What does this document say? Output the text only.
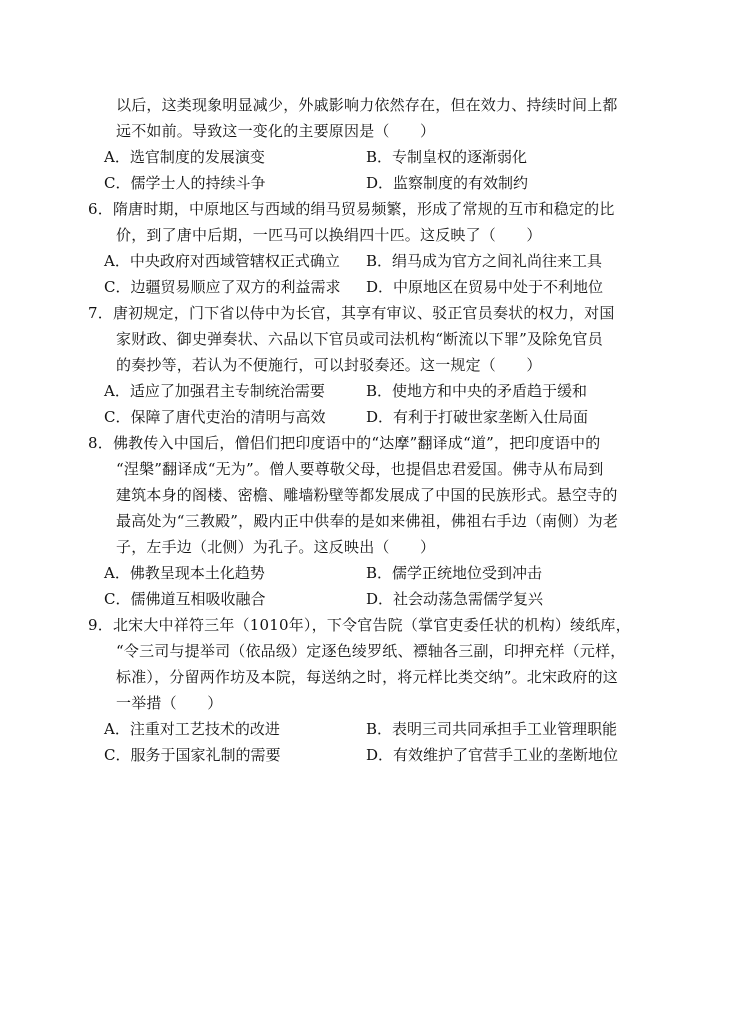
以后，这类现象明显减少，外戚影响力依然存在，但在效力、持续时间上都
远不如前。导致这一变化的主要原因是（　　）
A．选官制度的发展演变	B．专制皇权的逐渐弱化
C．儒学士人的持续斗争	D．监察制度的有效制约
6．隋唐时期，中原地区与西域的绢马贸易频繁，形成了常规的互市和稳定的比
价，到了唐中后期，一匹马可以换绢四十匹。这反映了（　　）
A．中央政府对西域管辖权正式确立	B．绢马成为官方之间礼尚往来工具
C．边疆贸易顺应了双方的利益需求	D．中原地区在贸易中处于不利地位
7．唐初规定，门下省以侍中为长官，其享有审议、驳正官员奏状的权力，对国
家财政、御史弹奏状、六品以下官员或司法机构“断流以下罪”及除免官员
的奏抄等，若认为不便施行，可以封驳奏还。这一规定（　　）
A．适应了加强君主专制统治需要	B．使地方和中央的矛盾趋于缓和
C．保障了唐代吏治的清明与高效	D．有利于打破世家垄断入仕局面
8．佛教传入中国后，僧侣们把印度语中的“达摩”翻译成“道”，把印度语中的
“涅槃”翻译成“无为”。僧人要尊敬父母，也提倡忠君爱国。佛寺从布局到
建筑本身的阁楼、密檐、雕墙粉壁等都发展成了中国的民族形式。悬空寺的
最高处为“三教殿”，殿内正中供奉的是如来佛祖，佛祖右手边（南侧）为老
子，左手边（北侧）为孔子。这反映出（　　）
A．佛教呈现本土化趋势	B．儒学正统地位受到冲击
C．儒佛道互相吸收融合	D．社会动荡急需儒学复兴
9．北宋大中祥符三年（1010年），下令官告院（掌官吏委任状的机构）绫纸库，
“令三司与提举司（依品级）定逐色绫罗纸、褾轴各三副，印押充样（元样，
标准），分留两作坊及本院，每送纳之时，将元样比类交纳”。北宋政府的这
一举措（　　）
A．注重对工艺技术的改进	B．表明三司共同承担手工业管理职能
C．服务于国家礼制的需要	D．有效维护了官营手工业的垄断地位
